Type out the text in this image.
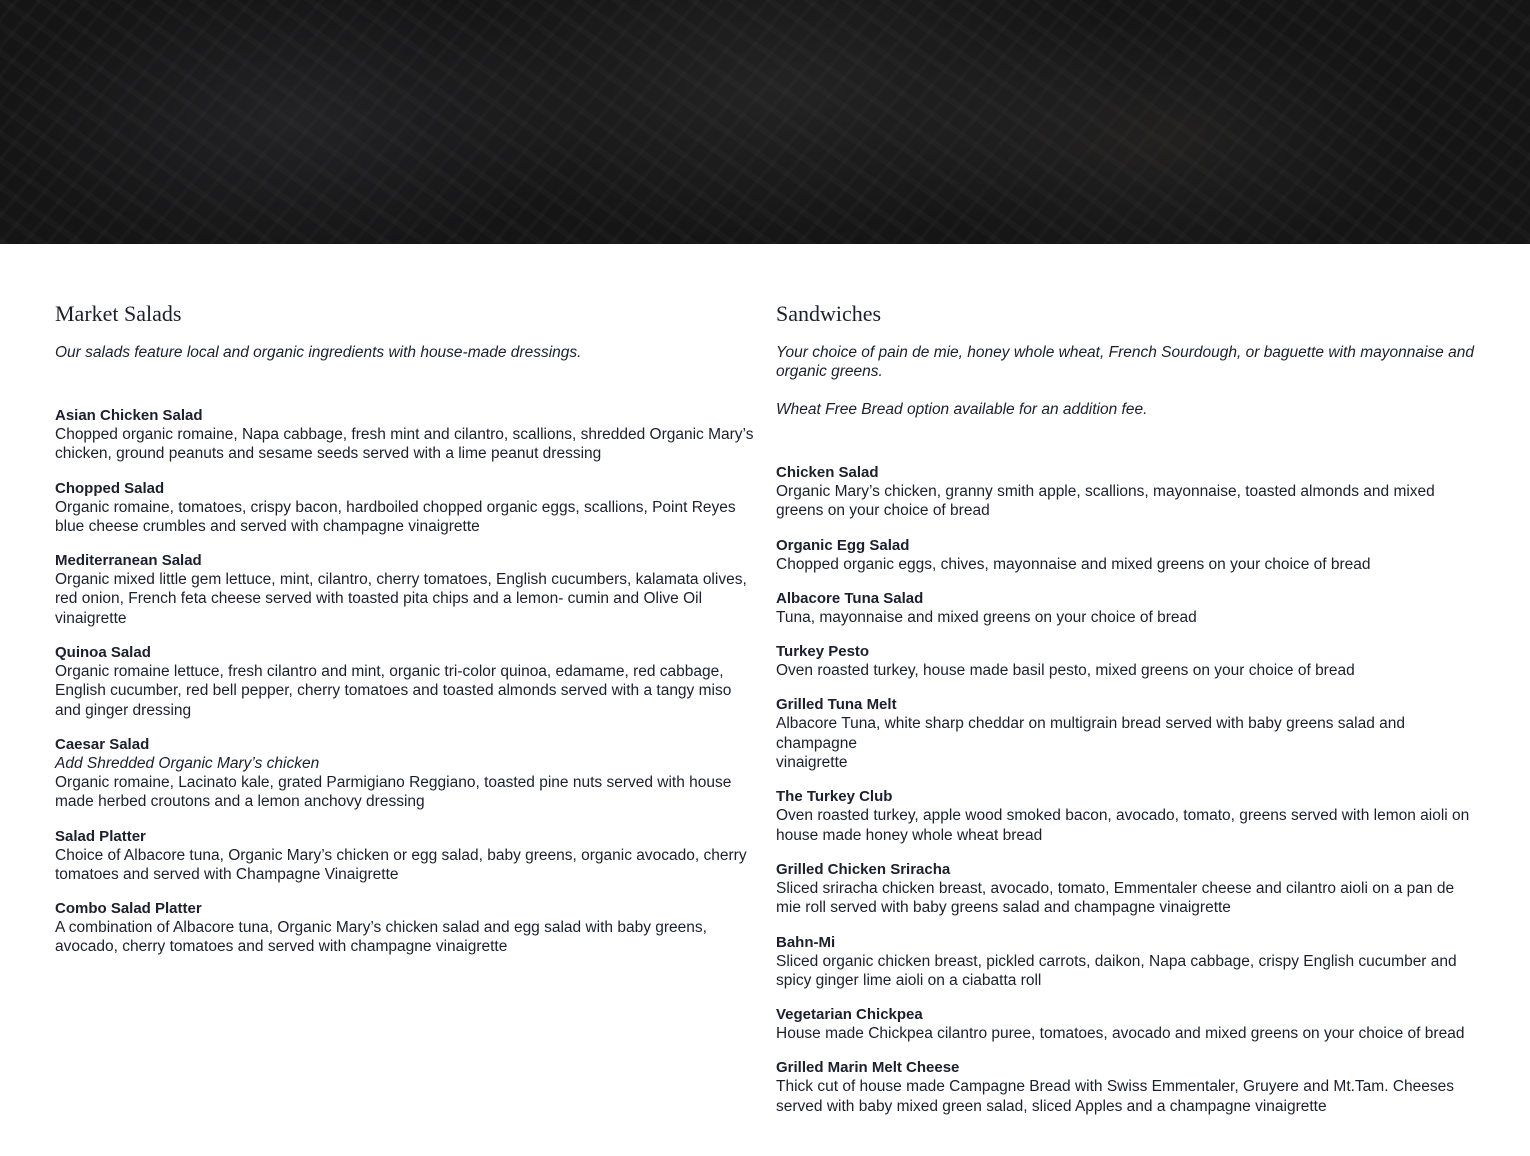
Market Salads

Our salads feature local and organic ingredients with house-made dressings.

Asian Chicken Salad
Chopped organic romaine, Napa cabbage, fresh mint and cilantro, scallions, shredded Organic Mary’s chicken, ground peanuts and sesame seeds served with a lime peanut dressing
Chopped Salad
Organic romaine, tomatoes, crispy bacon, hardboiled chopped organic eggs, scallions, Point Reyes blue cheese crumbles and served with champagne vinaigrette
Mediterranean Salad
Organic mixed little gem lettuce, mint, cilantro, cherry tomatoes, English cucumbers, kalamata olives, red onion, French feta cheese served with toasted pita chips and a lemon- cumin and Olive Oil vinaigrette
Quinoa Salad
Organic romaine lettuce, fresh cilantro and mint, organic tri-color quinoa, edamame, red cabbage, English cucumber, red bell pepper, cherry tomatoes and toasted almonds served with a tangy miso and ginger dressing
Caesar Salad
Add Shredded Organic Mary’s chicken
Organic romaine, Lacinato kale, grated Parmigiano Reggiano, toasted pine nuts served with house made herbed croutons and a lemon anchovy dressing
Salad Platter
Choice of Albacore tuna, Organic Mary’s chicken or egg salad, baby greens, organic avocado, cherry tomatoes and served with Champagne Vinaigrette
Combo Salad Platter
A combination of Albacore tuna, Organic Mary’s chicken salad and egg salad with baby greens, avocado, cherry tomatoes and served with champagne vinaigrette
Sandwiches

Your choice of pain de mie, honey whole wheat, French Sourdough, or baguette with mayonnaise and organic greens.

Wheat Free Bread option available for an addition fee.

Chicken Salad
Organic Mary’s chicken, granny smith apple, scallions, mayonnaise, toasted almonds and mixed greens on your choice of bread
Organic Egg Salad
Chopped organic eggs, chives, mayonnaise and mixed greens on your choice of bread
Albacore Tuna Salad
Tuna, mayonnaise and mixed greens on your choice of bread
Turkey Pesto
Oven roasted turkey, house made basil pesto, mixed greens on your choice of bread
Grilled Tuna Melt
Albacore Tuna, white sharp cheddar on multigrain bread served with baby greens salad and champagne
vinaigrette
The Turkey Club
Oven roasted turkey, apple wood smoked bacon, avocado, tomato, greens served with lemon aioli on house made honey whole wheat bread
Grilled Chicken Sriracha
Sliced sriracha chicken breast, avocado, tomato, Emmentaler cheese and cilantro aioli on a pan de mie roll served with baby greens salad and champagne vinaigrette
Bahn-Mi
Sliced organic chicken breast, pickled carrots, daikon, Napa cabbage, crispy English cucumber and spicy ginger lime aioli on a ciabatta roll
Vegetarian Chickpea
House made Chickpea cilantro puree, tomatoes, avocado and mixed greens on your choice of bread
Grilled Marin Melt Cheese
Thick cut of house made Campagne Bread with Swiss Emmentaler, Gruyere and Mt.Tam. Cheeses served with baby mixed green salad, sliced Apples and a champagne vinaigrette
